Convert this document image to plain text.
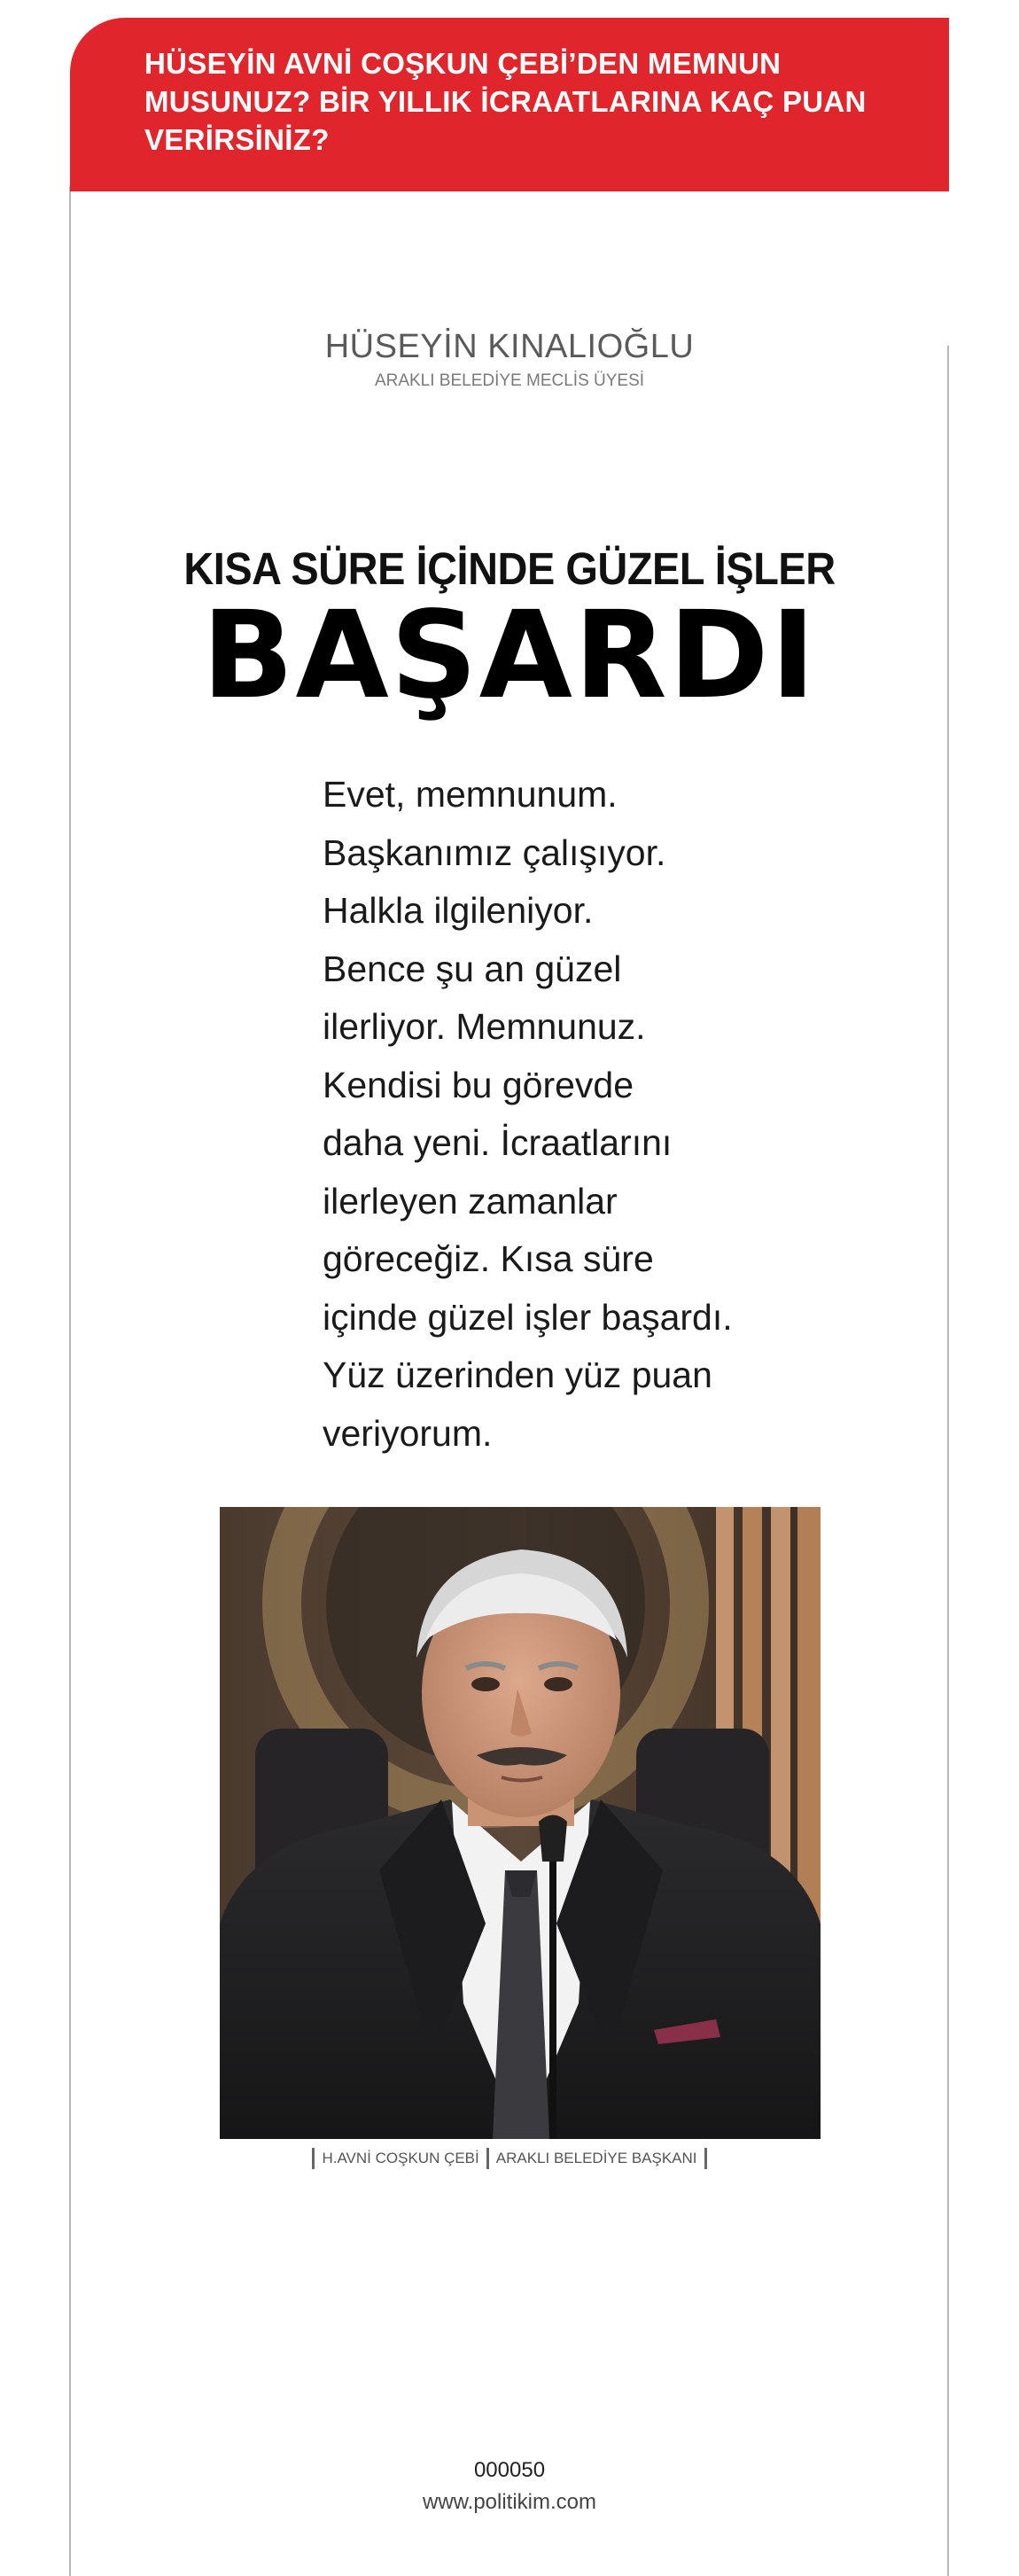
HÜSEYİN AVNİ COŞKUN ÇEBİ’DEN MEMNUN
MUSUNUZ? BİR YILLIK İCRAATLARINA KAÇ PUAN
VERİRSİNİZ?

HÜSEYİN KINALIOĞLU
ARAKLI BELEDİYE MECLİS ÜYESİ
KISA SÜRE İÇİNDE GÜZEL İŞLER
BAŞARDI
Evet, memnunum.
Başkanımız çalışıyor.
Halkla ilgileniyor.
Bence şu an güzel
ilerliyor. Memnunuz.
Kendisi bu görevde
daha yeni. İcraatlarını
ilerleyen zamanlar
göreceğiz. Kısa süre
içinde güzel işler başardı.
Yüz üzerinden yüz puan
veriyorum.
H.AVNİ COŞKUN ÇEBİ ARAKLI BELEDİYE BAŞKANI
000050
www.politikim.com
